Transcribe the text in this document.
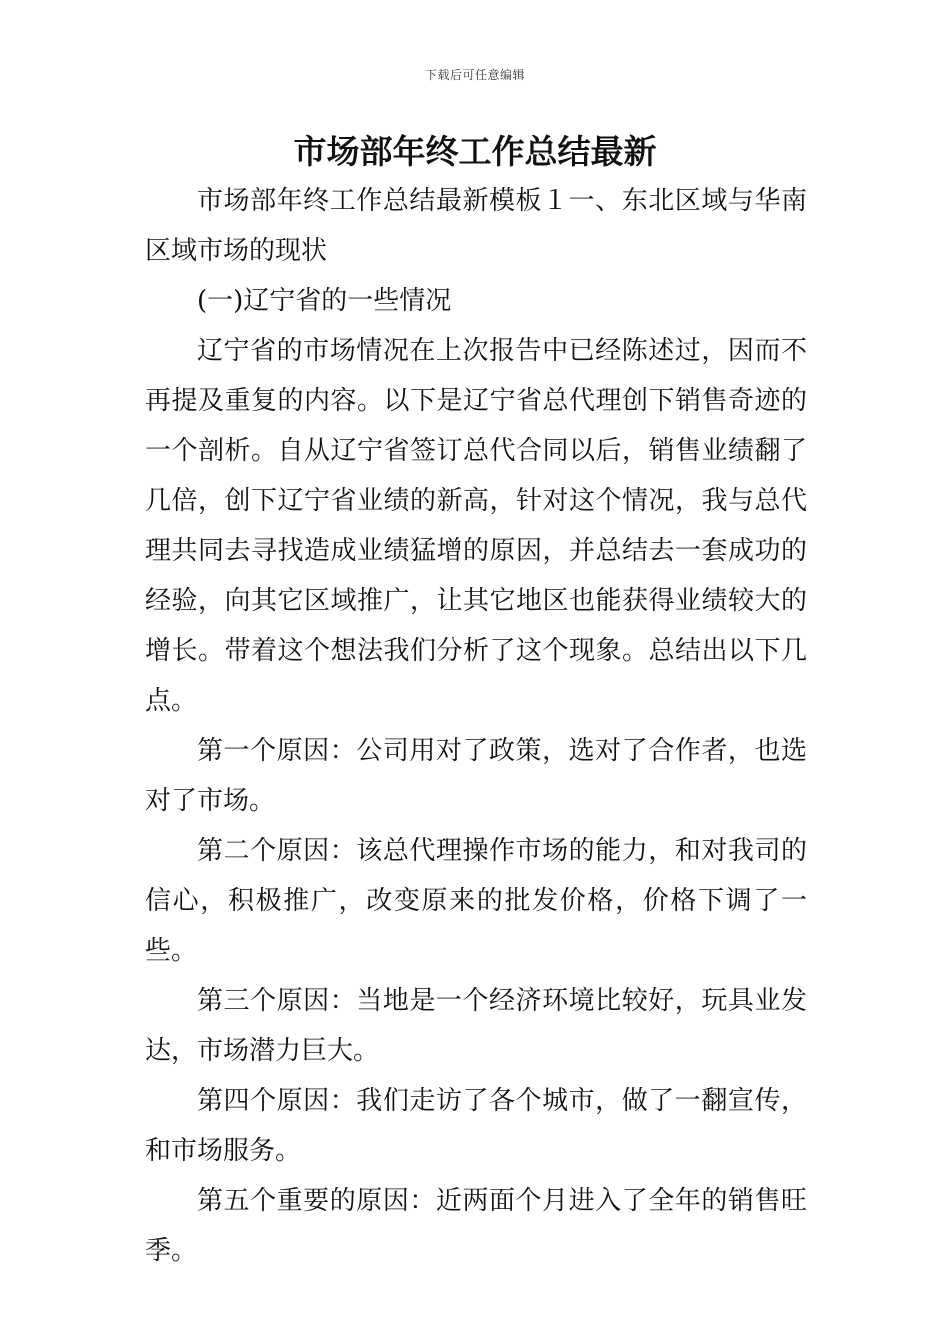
下载后可任意编辑
市场部年终工作总结最新

市场部年终工作总结最新模板１一、东北区域与华南区域市场的现状

(一)辽宁省的一些情况

辽宁省的市场情况在上次报告中已经陈述过，因而不再提及重复的内容。以下是辽宁省总代理创下销售奇迹的一个剖析。自从辽宁省签订总代合同以后，销售业绩翻了几倍，创下辽宁省业绩的新高，针对这个情况，我与总代理共同去寻找造成业绩猛增的原因，并总结去一套成功的经验，向其它区域推广，让其它地区也能获得业绩较大的增长。带着这个想法我们分析了这个现象。总结出以下几点。

第一个原因：公司用对了政策，选对了合作者，也选对了市场。

第二个原因：该总代理操作市场的能力，和对我司的信心，积极推广，改变原来的批发价格，价格下调了一些。

第三个原因：当地是一个经济环境比较好，玩具业发达，市场潜力巨大。

第四个原因：我们走访了各个城市，做了一翻宣传，和市场服务。

第五个重要的原因：近两面个月进入了全年的销售旺季。
